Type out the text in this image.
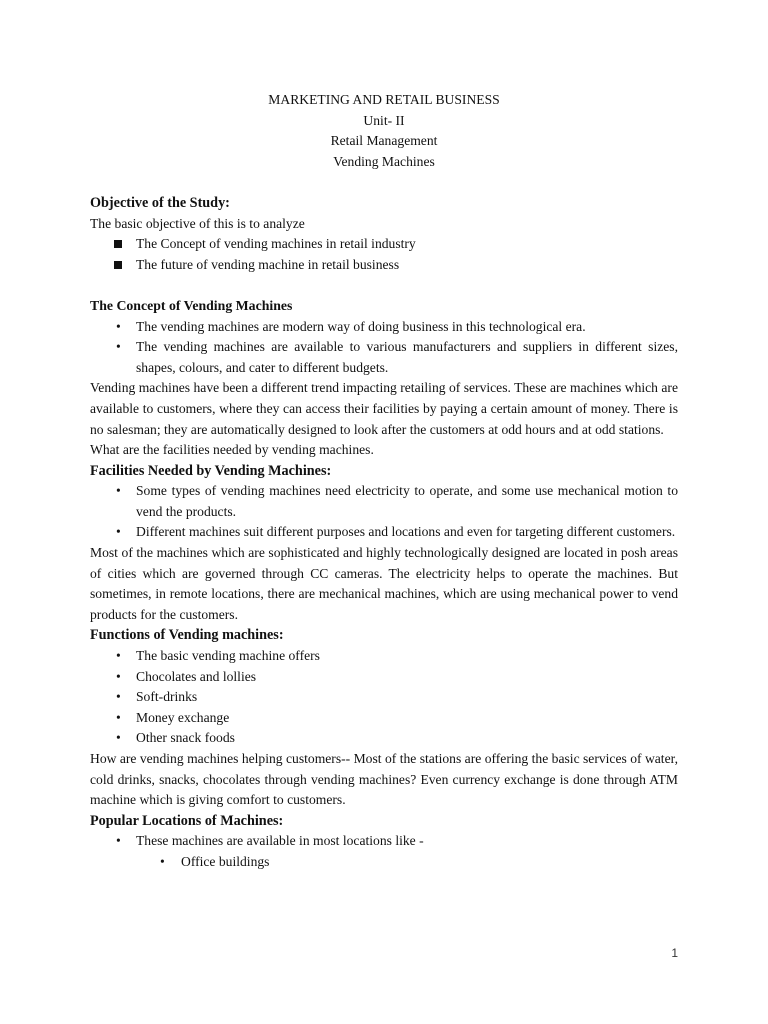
MARKETING AND RETAIL BUSINESS

Unit- II

Retail Management

Vending Machines

Objective of the Study:

The basic objective of this is to analyze

The Concept of vending machines in retail industry
The future of vending machine in retail business
The Concept of Vending Machines
• The vending machines are modern way of doing business in this technological era.
• The vending machines are available to various manufacturers and suppliers in different sizes, shapes, colours, and cater to different budgets.

Vending machines have been a different trend impacting retailing of services. These are machines which are available to customers, where they can access their facilities by paying a certain amount of money. There is no salesman; they are automatically designed to look after the customers at odd hours and at odd stations.

What are the facilities needed by vending machines.

Facilities Needed by Vending Machines:
• Some types of vending machines need electricity to operate, and some use mechanical motion to vend the products.
• Different machines suit different purposes and locations and even for targeting different customers.

Most of the machines which are sophisticated and highly technologically designed are located in posh areas of cities which are governed through CC cameras. The electricity helps to operate the machines. But sometimes, in remote locations, there are mechanical machines, which are using mechanical power to vend products for the customers.

Functions of Vending machines:
• The basic vending machine offers
• Chocolates and lollies
• Soft-drinks
• Money exchange
• Other snack foods

How are vending machines helping customers-- Most of the stations are offering the basic services of water, cold drinks, snacks, chocolates through vending machines? Even currency exchange is done through ATM machine which is giving comfort to customers.

Popular Locations of Machines:
• These machines are available in most locations like -
• Office buildings
1
